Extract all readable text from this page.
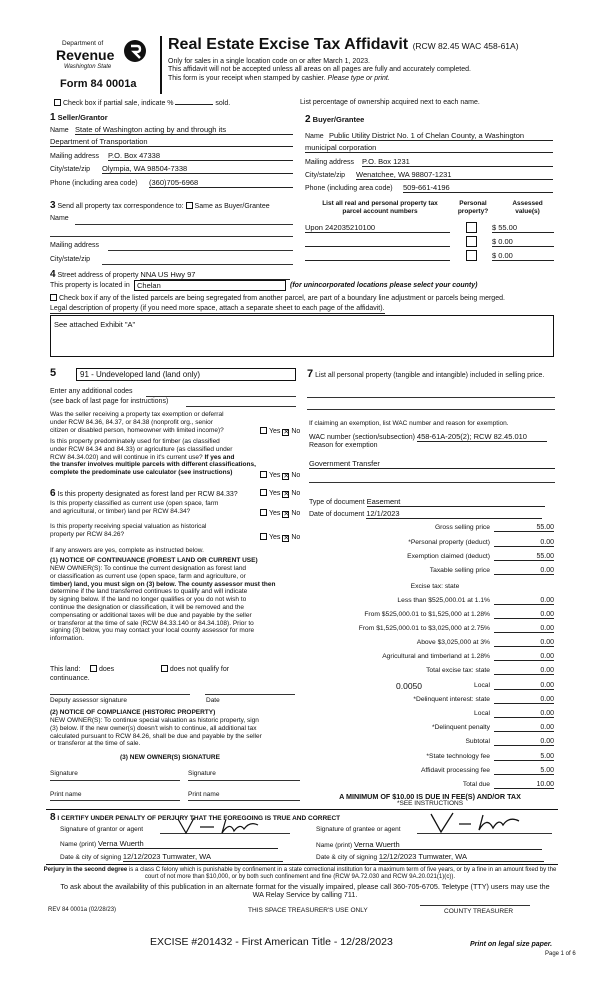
Department of
Revenue
Washington State
Form 84 0001a
Real Estate Excise Tax Affidavit (RCW 82.45 WAC 458-61A)
Only for sales in a single location code on or after March 1, 2023.
This affidavit will not be accepted unless all areas on all pages are fully and accurately completed.
This form is your receipt when stamped by cashier. Please type or print.
Check box if partial sale, indicate %	sold.	List percentage of ownership acquired next to each name.
1 Seller/Grantor
Name State of Washington acting by and through its
Department of Transportation
Mailing address P.O. Box 47338
City/state/zip Olympia, WA 98504-7338
Phone (including area code) (360)705-6968
2 Buyer/Grantee
Name Public Utility District No. 1 of Chelan County, a Washington
municipal corporation
Mailing address P.O. Box 1231
City/state/zip Wenatchee, WA 98807-1231
Phone (including area code) 509-661-4196
3 Send all property tax correspondence to: Same as Buyer/Grantee
Name
Mailing address
City/state/zip
List all real and personal property tax
parcel account numbers
Personal
property?
Assessed
value(s)
Upon 242035210100	$ 55.00
$ 0.00
$ 0.00
4 Street address of property NNA US Hwy 97
This property is located in Chelan	(for unincorporated locations please select your county)
Check box if any of the listed parcels are being segregated from another parcel, are part of a boundary line adjustment or parcels being merged.
Legal description of property (if you need more space, attach a separate sheet to each page of the affidavit).
See attached Exhibit "A"
5	91 - Undeveloped land (land only)
Enter any additional codes
(see back of last page for instructions)
Was the seller receiving a property tax exemption or deferral
under RCW 84.36, 84.37, or 84.38 (nonprofit org., senior
citizen or disabled person, homeowner with limited income)?	Yes ✕ No
Is this property predominately used for timber (as classified
under RCW 84.34 and 84.33) or agriculture (as classified under
RCW 84.34.020) and will continue in it's current use? If yes and
the transfer involves multiple parcels with different classifications,
complete the predominate use calculator (see instructions)	Yes ✕ No
6 Is this property designated as forest land per RCW 84.33?	Yes ✕ No
Is this property classified as current use (open space, farm
and agricultural, or timber) land per RCW 84.34?	Yes ✕ No
Is this property receiving special valuation as historical
property per RCW 84.26?	Yes ✕ No
If any answers are yes, complete as instructed below.
(1) NOTICE OF CONTINUANCE (FOREST LAND OR CURRENT USE)
NEW OWNER(S): To continue the current designation as forest land
or classification as current use (open space, farm and agriculture, or
timber) land, you must sign on (3) below. The county assessor must then
determine if the land transferred continues to qualify and will indicate
by signing below. If the land no longer qualifies or you do not wish to
continue the designation or classification, it will be removed and the
compensating or additional taxes will be due and payable by the seller
or transferor at the time of sale (RCW 84.33.140 or 84.34.108). Prior to
signing (3) below, you may contact your local county assessor for more
information.
This land:	does	does not qualify for
continuance.
Deputy assessor signature	Date
(2) NOTICE OF COMPLIANCE (HISTORIC PROPERTY)
NEW OWNER(S): To continue special valuation as historic property, sign
(3) below. If the new owner(s) doesn't wish to continue, all additional tax
calculated pursuant to RCW 84.26, shall be due and payable by the seller
or transferor at the time of sale.
(3) NEW OWNER(S) SIGNATURE
Signature	Signature
Print name	Print name
7 List all personal property (tangible and intangible) included in selling price.
If claiming an exemption, list WAC number and reason for exemption.
WAC number (section/subsection) 458-61A-205(2); RCW 82.45.010
Reason for exemption
Government Transfer
Type of document Easement
Date of document 12/1/2023
Gross selling price	55.00
*Personal property (deduct)	0.00
Exemption claimed (deduct)	55.00
Taxable selling price	0.00
Excise tax: state
Less than $525,000.01 at 1.1%	0.00
From $525,000.01 to $1,525,000 at 1.28%	0.00
From $1,525,000.01 to $3,025,000 at 2.75%	0.00
Above $3,025,000 at 3%	0.00
Agricultural and timberland at 1.28%	0.00
Total excise tax: state	0.00
0.0050	Local	0.00
*Delinquent interest: state	0.00
Local	0.00
*Delinquent penalty	0.00
Subtotal	0.00
*State technology fee	5.00
Affidavit processing fee	5.00
Total due	10.00
A MINIMUM OF $10.00 IS DUE IN FEE(S) AND/OR TAX
*SEE INSTRUCTIONS
8 I CERTIFY UNDER PENALTY OF PERJURY THAT THE FOREGOING IS TRUE AND CORRECT
Signature of grantor or agent	Signature of grantee or agent
Name (print) Verna Wuerth	Name (print) Verna Wuerth
Date & city of signing 12/12/2023 Tumwater, WA	Date & city of signing 12/12/2023 Tumwater, WA
Perjury in the second degree is a class C felony which is punishable by confinement in a state correctional institution for a maximum term of five years, or by a fine in an amount fixed by the court of not more than $10,000, or by both such confinement and fine (RCW 9A.72.030 and RCW 9A.20.021(1)(c)).
To ask about the availability of this publication in an alternate format for the visually impaired, please call 360-705-6705. Teletype (TTY) users may use the WA Relay Service by calling 711.
REV 84 0001a (02/28/23)	THIS SPACE TREASURER'S USE ONLY	COUNTY TREASURER
EXCISE #201432 - First American Title - 12/28/2023	Print on legal size paper.
Page 1 of 6
